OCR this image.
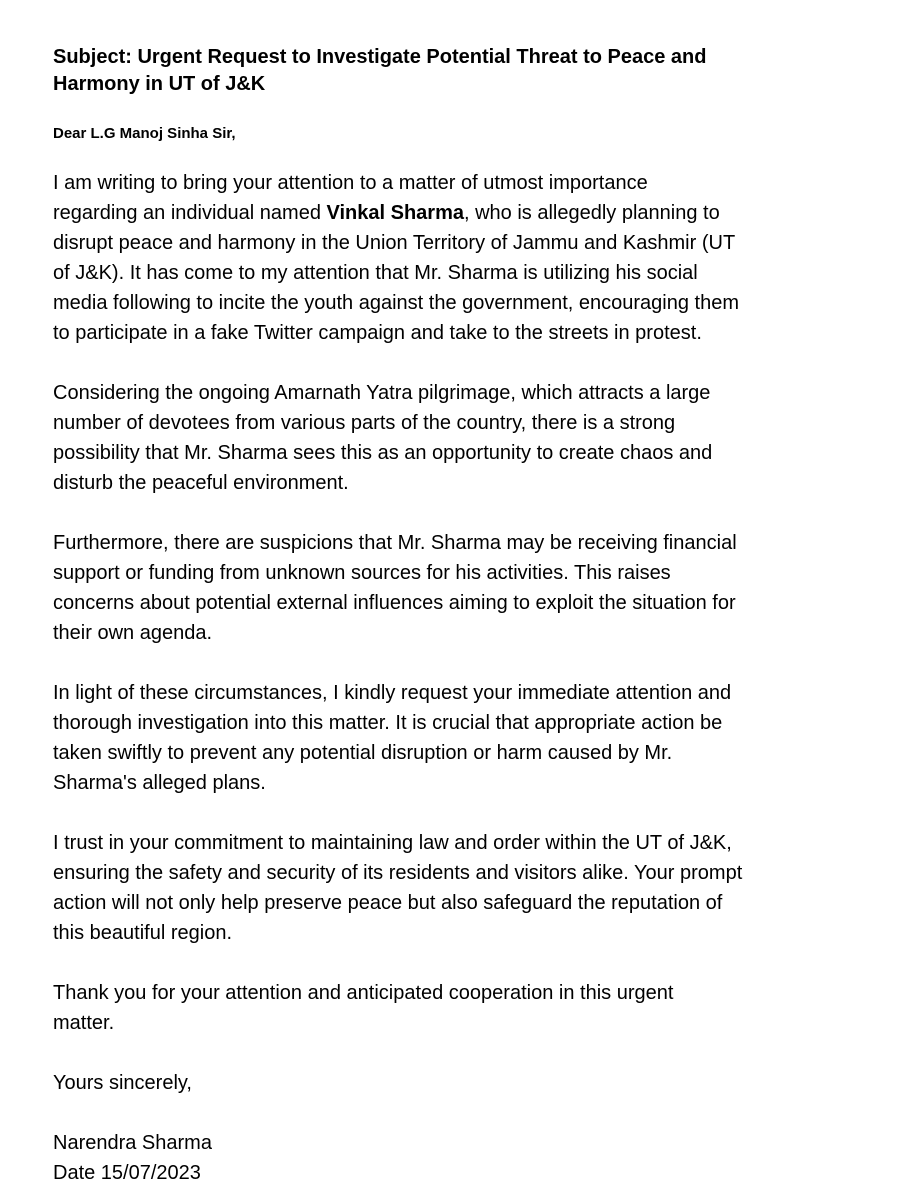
Subject: Urgent Request to Investigate Potential Threat to Peace and
Harmony in UT of J&K

Dear L.G Manoj Sinha Sir,
I am writing to bring your attention to a matter of utmost importance
regarding an individual named Vinkal Sharma, who is allegedly planning to
disrupt peace and harmony in the Union Territory of Jammu and Kashmir (UT
of J&K). It has come to my attention that Mr. Sharma is utilizing his social
media following to incite the youth against the government, encouraging them
to participate in a fake Twitter campaign and take to the streets in protest.
Considering the ongoing Amarnath Yatra pilgrimage, which attracts a large
number of devotees from various parts of the country, there is a strong
possibility that Mr. Sharma sees this as an opportunity to create chaos and
disturb the peaceful environment.
Furthermore, there are suspicions that Mr. Sharma may be receiving financial
support or funding from unknown sources for his activities. This raises
concerns about potential external influences aiming to exploit the situation for
their own agenda.
In light of these circumstances, I kindly request your immediate attention and
thorough investigation into this matter. It is crucial that appropriate action be
taken swiftly to prevent any potential disruption or harm caused by Mr.
Sharma's alleged plans.
I trust in your commitment to maintaining law and order within the UT of J&K,
ensuring the safety and security of its residents and visitors alike. Your prompt
action will not only help preserve peace but also safeguard the reputation of
this beautiful region.
Thank you for your attention and anticipated cooperation in this urgent
matter.
Yours sincerely,
Narendra Sharma
Date 15/07/2023
